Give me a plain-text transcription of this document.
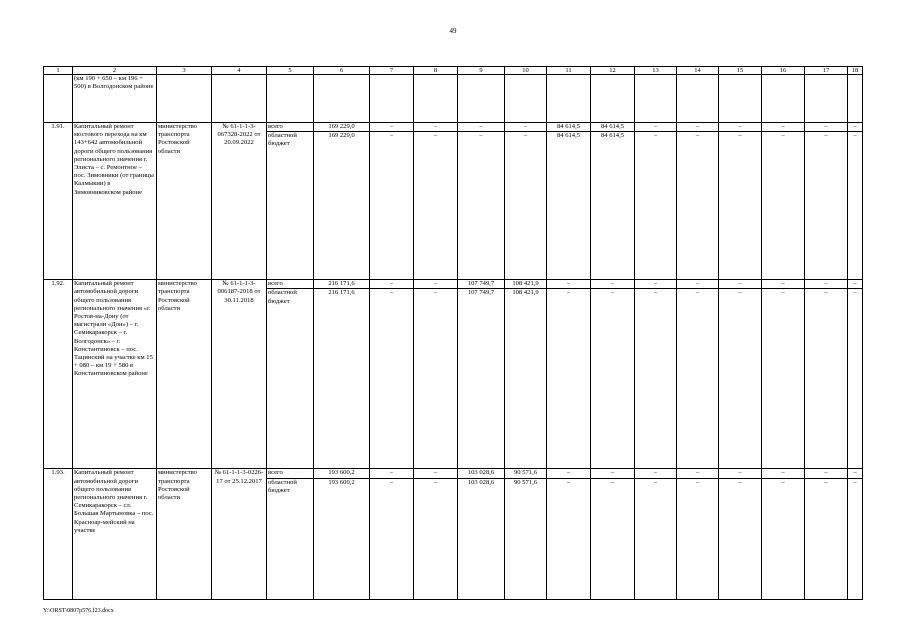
49
1	2	3	4	5	6	7	8	9	10	11	12	13	14	15	16	17	18
	(км 190 + 650 – км 196 + 500) в Волгодонском районе																
1.91.	Капитальный ремонт мостового перехода на км 143+642 автомобильной дороги общего пользования регионального значения г. Элиста – с. Ремонтное – пос. Зимовники (от границы Калмыкии) в Зимовниковском районе	министерство транспорта Ростовской области	№ 61-1-1-3-067328-2022 от 20.09.2022	всего	169 229,0	–	–	–	–	84 614,5	84 614,5	–	–	–	–	–	–
				областной бюджет	169 229,0	–	–	–	–	84 614,5	84 614,5	–	–	–	–	–	–
1.92.	Капитальный ремонт автомобильной дороги общего пользования регионального значения «г. Ростов-на-Дону (от магистрали «Дон») – г. Семикаракорск – г. Волгодонск» – г. Константиновск – пос. Тацинский на участке км 15 + 080 – км 19 + 580 в Константиновском районе	министерство транспорта Ростовской области	№ 61-1-1-3-006187-2018 от 30.11.2018	всего	216 171,6	–	–	107 749,7	108 421,9	–	–	–	–	–	–	–	–
				областной бюджет	216 171,6	–	–	107 749,7	108 421,9	–	–	–	–	–	–	–	–
1.93.	Капитальный ремонт автомобильной дороги общего пользования регионального значения г. Семикаракорск – сл. Большая Мартыновка – пос. Краснoар-мейский на участке	министерство транспорта Ростовской области	№ 61-1-1-3-0226-17 от 25.12.2017	всего	193 600,2	–	–	103 028,6	90 571,6	–	–	–	–	–	–	–	–
				областной бюджет	193 600,2	–	–	103 028,6	90 571,6	–	–	–	–	–	–	–	–
Y:\ORST\0807p576.f23.docx
